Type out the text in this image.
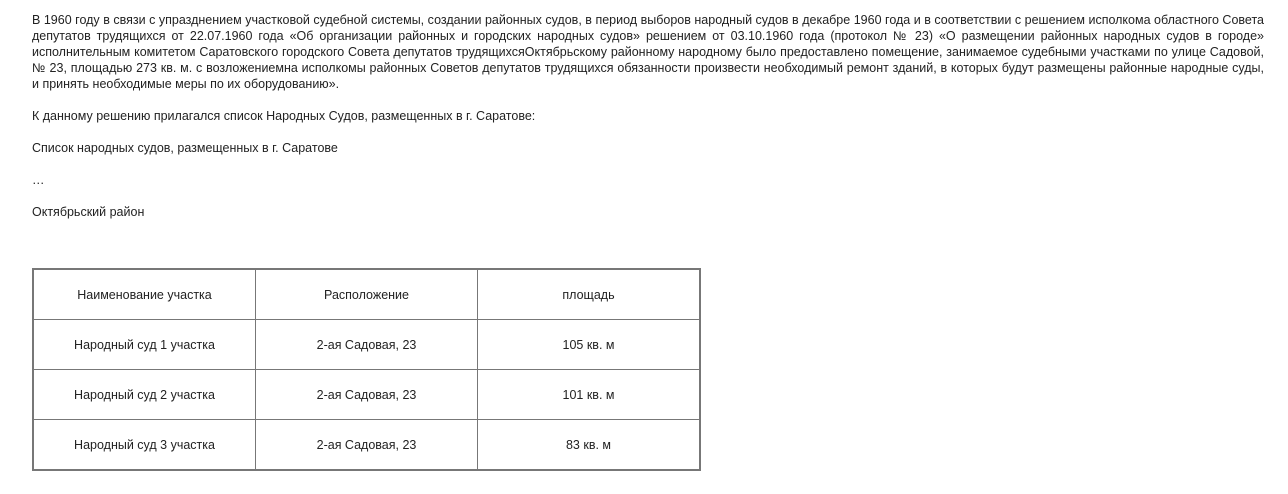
В 1960 году в связи с упразднением участковой судебной системы, создании районных судов, в период выборов народный судов в декабре 1960 года и в соответствии с решением исполкома областного Совета депутатов трудящихся от 22.07.1960 года «Об организации районных и городских народных судов» решением от 03.10.1960 года (протокол № 23) «О размещении районных народных судов в городе» исполнительным комитетом Саратовского городского Совета депутатов трудящихсяОктябрьскому районному народному было предоставлено помещение, занимаемое судебными участками по улице Садовой, № 23, площадью 273 кв. м. с возложениемна исполкомы районных Советов депутатов трудящихся обязанности произвести необходимый ремонт зданий, в которых будут размещены районные народные суды, и принять необходимые меры по их оборудованию».

К данному решению прилагался список Народных Судов, размещенных в г. Саратове:

Список народных судов, размещенных в г. Саратове

…

Октябрьский район

Наименование участка	Расположение	площадь
Народный суд 1 участка	2-ая Садовая, 23	105 кв. м
Народный суд 2 участка	2-ая Садовая, 23	101 кв. м
Народный суд 3 участка	2-ая Садовая, 23	83 кв. м
